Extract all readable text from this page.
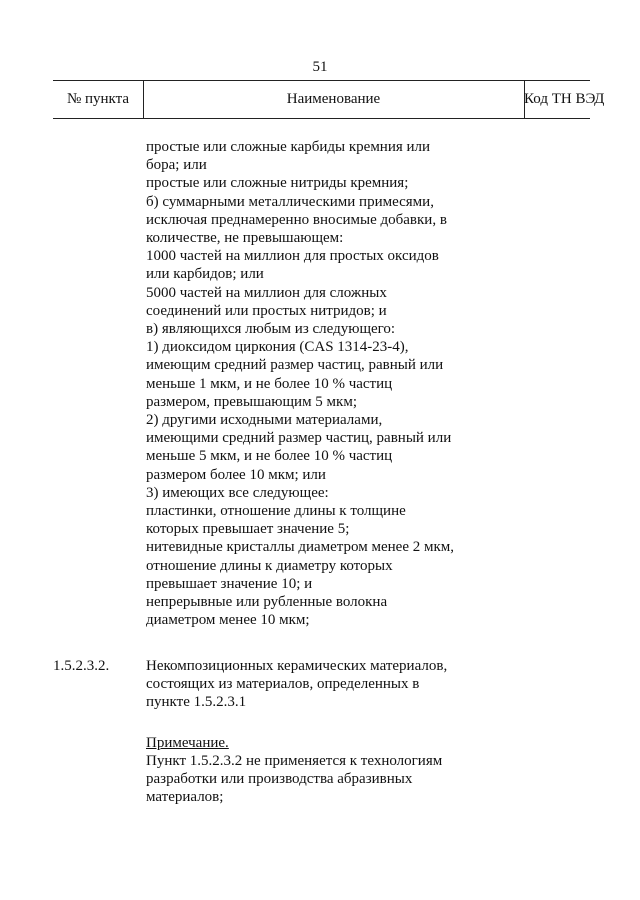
51
№ пункта	Наименование	Код ТН ВЭД
простые или сложные карбиды кремния или
бора; или
простые или сложные нитриды кремния;
б) суммарными металлическими примесями,
исключая преднамеренно вносимые добавки, в
количестве, не превышающем:
1000 частей на миллион для простых оксидов
или карбидов; или
5000 частей на миллион для сложных
соединений или простых нитридов; и
в) являющихся любым из следующего:
1) диоксидом циркония (CAS 1314-23-4),
имеющим средний размер частиц, равный или
меньше 1 мкм, и не более 10 % частиц
размером, превышающим 5 мкм;
2) другими исходными материалами,
имеющими средний размер частиц, равный или
меньше 5 мкм, и не более 10 % частиц
размером более 10 мкм; или
3) имеющих все следующее:
пластинки, отношение длины к толщине
которых превышает значение 5;
нитевидные кристаллы диаметром менее 2 мкм,
отношение длины к диаметру которых
превышает значение 10; и
непрерывные или рубленные волокна
диаметром менее 10 мкм;
1.5.2.3.2. Некомпозиционных керамических материалов,
состоящих из материалов, определенных в
пункте 1.5.2.3.1
Примечание.
Пункт 1.5.2.3.2 не применяется к технологиям
разработки или производства абразивных
материалов;
